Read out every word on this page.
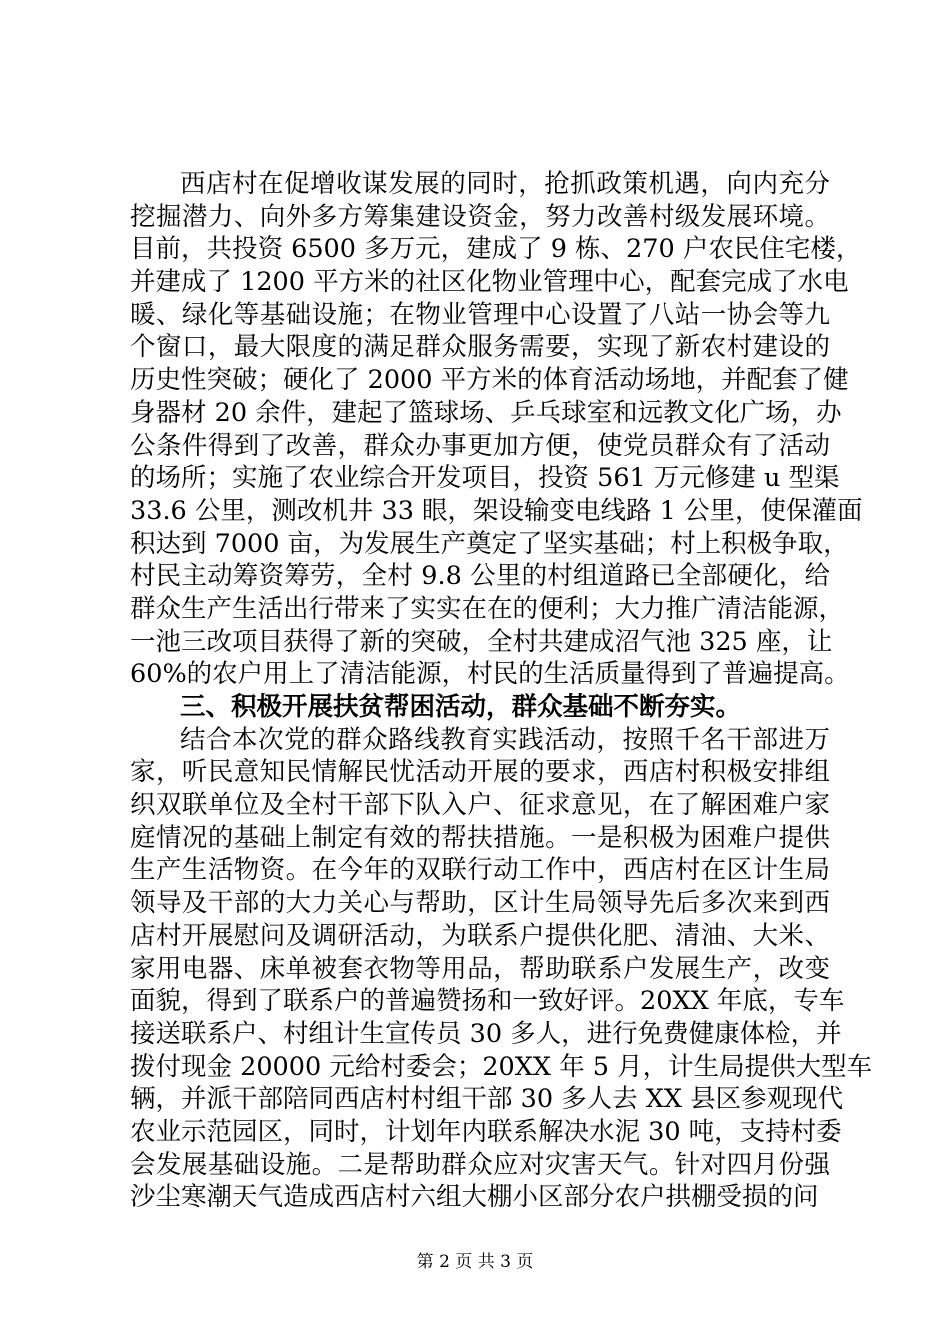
西店村在促增收谋发展的同时，抢抓政策机遇，向内充分
挖掘潜力、向外多方筹集建设资金，努力改善村级发展环境。
目前，共投资 6500 多万元，建成了 9 栋、270 户农民住宅楼，
并建成了 1200 平方米的社区化物业管理中心，配套完成了水电
暖、绿化等基础设施；在物业管理中心设置了八站一协会等九
个窗口，最大限度的满足群众服务需要，实现了新农村建设的
历史性突破；硬化了 2000 平方米的体育活动场地，并配套了健
身器材 20 余件，建起了篮球场、乒乓球室和远教文化广场，办
公条件得到了改善，群众办事更加方便，使党员群众有了活动
的场所；实施了农业综合开发项目，投资 561 万元修建 u 型渠
33.6 公里，测改机井 33 眼，架设输变电线路 1 公里，使保灌面
积达到 7000 亩，为发展生产奠定了坚实基础；村上积极争取，
村民主动筹资筹劳，全村 9.8 公里的村组道路已全部硬化，给
群众生产生活出行带来了实实在在的便利；大力推广清洁能源，
一池三改项目获得了新的突破，全村共建成沼气池 325 座，让
60%的农户用上了清洁能源，村民的生活质量得到了普遍提高。
三、积极开展扶贫帮困活动，群众基础不断夯实。
结合本次党的群众路线教育实践活动，按照千名干部进万
家，听民意知民情解民忧活动开展的要求，西店村积极安排组
织双联单位及全村干部下队入户、征求意见，在了解困难户家
庭情况的基础上制定有效的帮扶措施。一是积极为困难户提供
生产生活物资。在今年的双联行动工作中，西店村在区计生局
领导及干部的大力关心与帮助，区计生局领导先后多次来到西
店村开展慰问及调研活动，为联系户提供化肥、清油、大米、
家用电器、床单被套衣物等用品，帮助联系户发展生产，改变
面貌，得到了联系户的普遍赞扬和一致好评。20XX 年底，专车
接送联系户、村组计生宣传员 30 多人，进行免费健康体检，并
拨付现金 20000 元给村委会；20XX 年 5 月，计生局提供大型车
辆，并派干部陪同西店村村组干部 30 多人去 XX 县区参观现代
农业示范园区，同时，计划年内联系解决水泥 30 吨，支持村委
会发展基础设施。二是帮助群众应对灾害天气。针对四月份强
沙尘寒潮天气造成西店村六组大棚小区部分农户拱棚受损的问
第 2 页 共 3 页
